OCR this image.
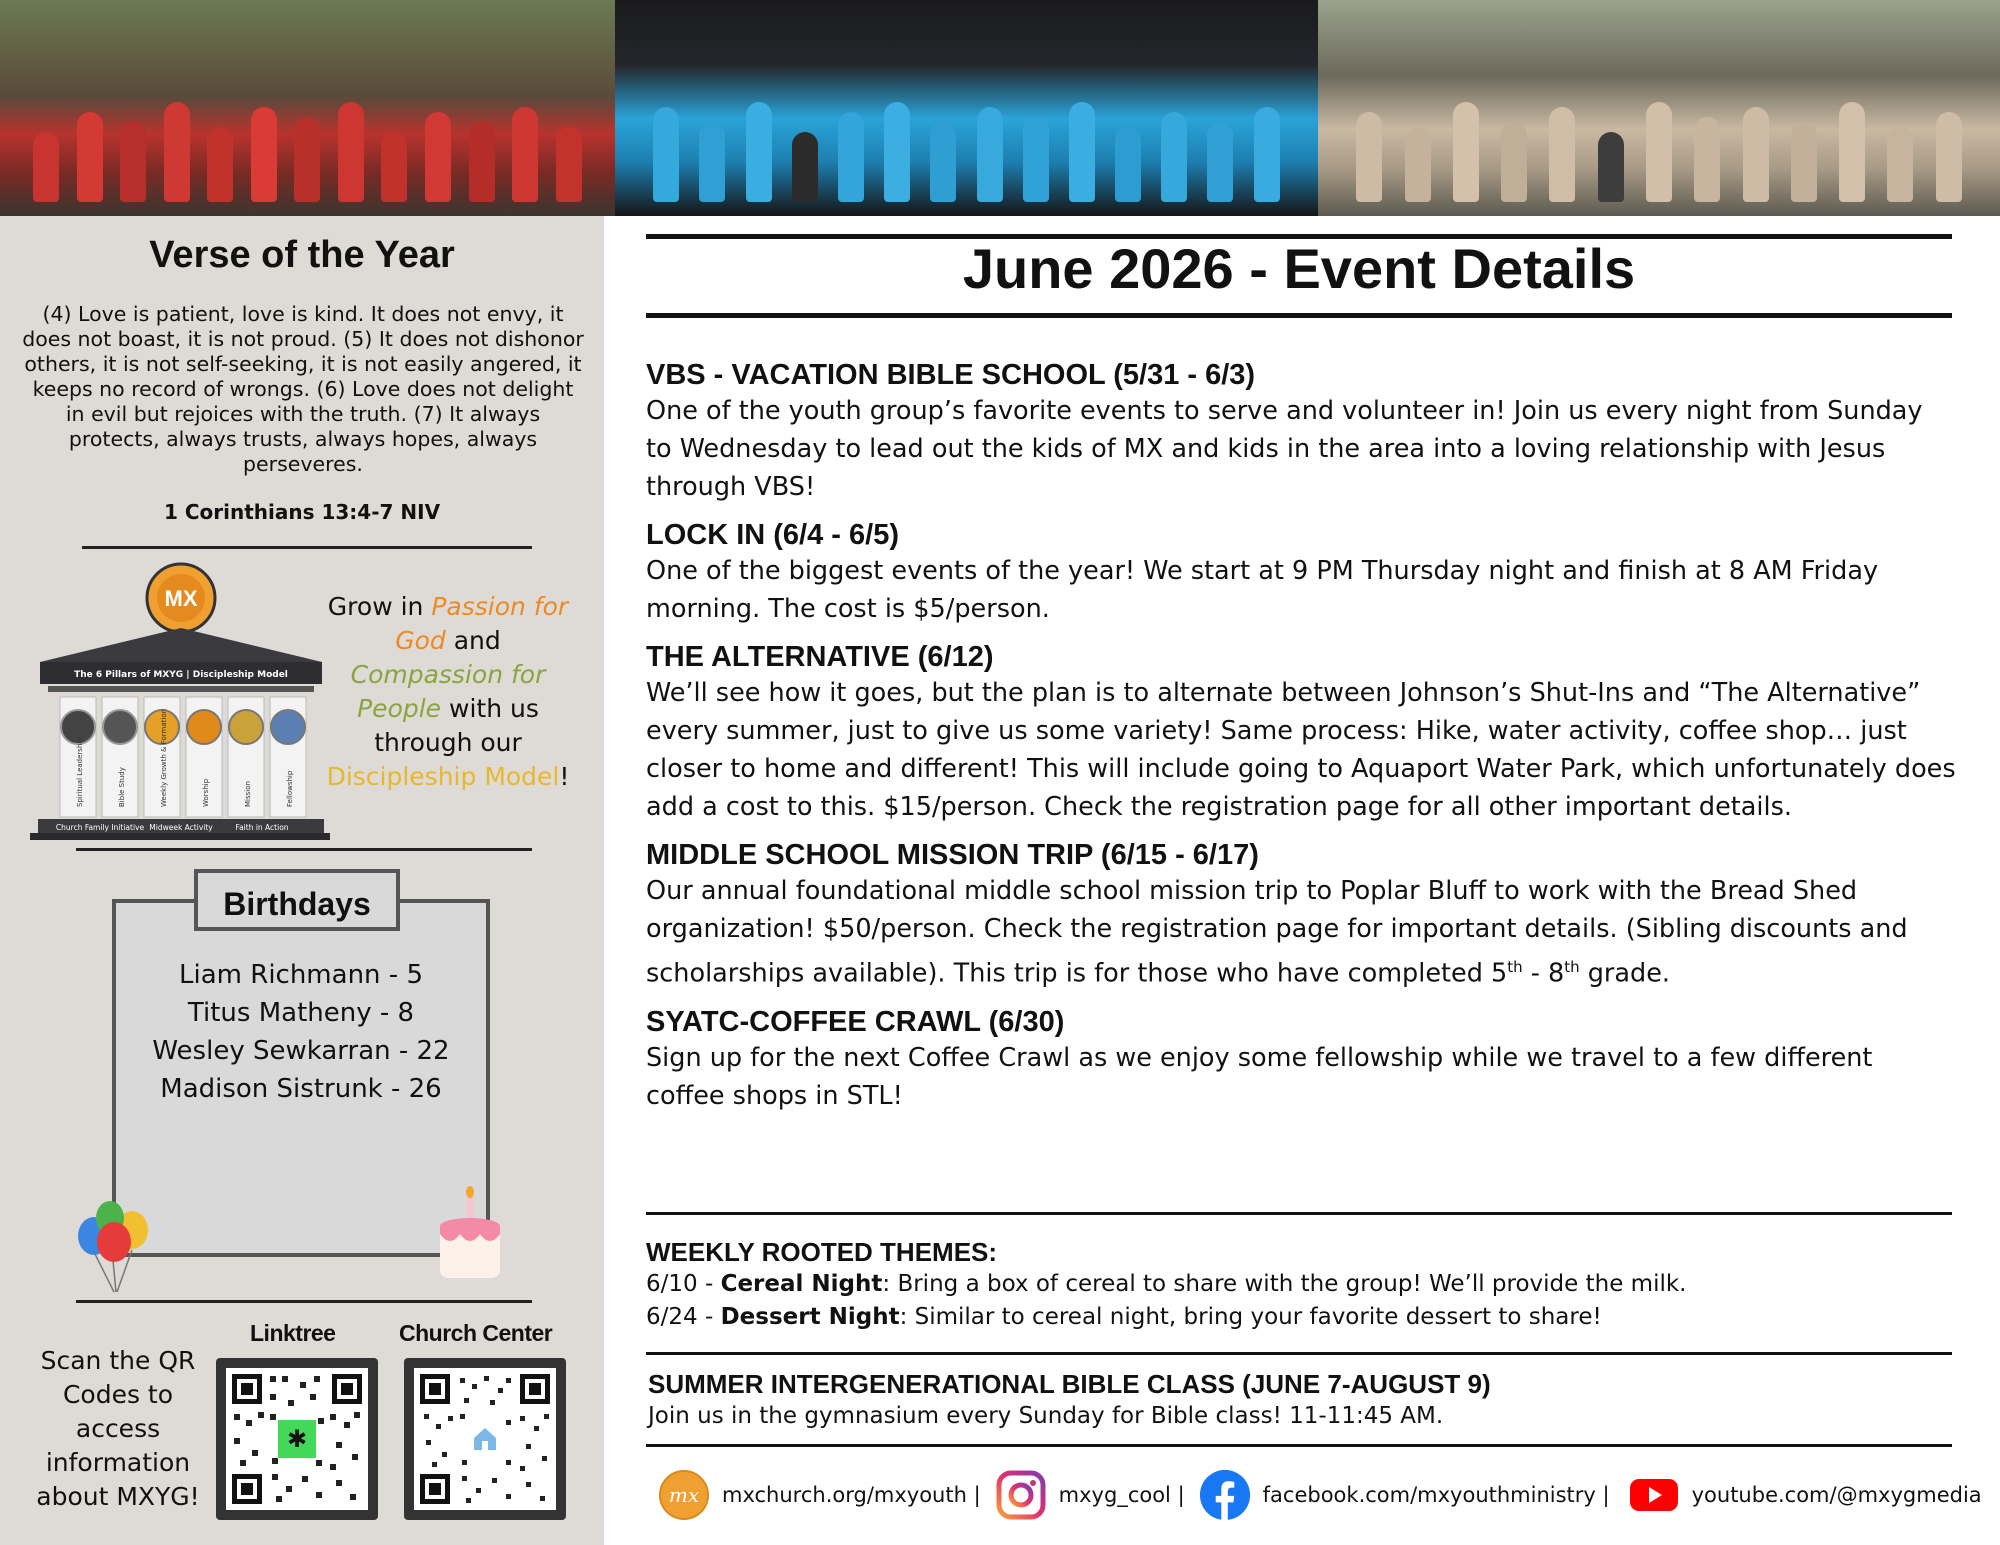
Verse of the Year
(4) Love is patient, love is kind. It does not envy, it does not boast, it is not proud. (5) It does not dishonor others, it is not self-seeking, it is not easily angered, it keeps no record of wrongs. (6) Love does not delight in evil but rejoices with the truth. (7) It always protects, always trusts, always hopes, always perseveres.
1 Corinthians 13:4-7 NIV
MX
The 6 Pillars of MXYG | Discipleship Model
Spiritual Leadership	Bible Study	Weekly Growth & Formation	Worship	Mission	Fellowship
Church Family Initiative Midweek Activity	Faith in Action
Grow in Passion for God and Compassion for People with us through our Discipleship Model!
Birthdays
Liam Richmann - 5
Titus Matheny - 8
Wesley Sewkarran - 22
Madison Sistrunk - 26
Scan the QR Codes to access information about MXYG!
Linktree
✱
Church Center
June 2026 - Event Details
VBS - VACATION BIBLE SCHOOL (5/31 - 6/3)

One of the youth group’s favorite events to serve and volunteer in! Join us every night from Sunday to Wednesday to lead out the kids of MX and kids in the area into a loving relationship with Jesus through VBS!

LOCK IN (6/4 - 6/5)

One of the biggest events of the year! We start at 9 PM Thursday night and finish at 8 AM Friday morning. The cost is $5/person.

THE ALTERNATIVE (6/12)

We’ll see how it goes, but the plan is to alternate between Johnson’s Shut-Ins and “The Alternative” every summer, just to give us some variety! Same process: Hike, water activity, coffee shop… just closer to home and different! This will include going to Aquaport Water Park, which unfortunately does add a cost to this. $15/person. Check the registration page for all other important details.

MIDDLE SCHOOL MISSION TRIP (6/15 - 6/17)

Our annual foundational middle school mission trip to Poplar Bluff to work with the Bread Shed organization! $50/person. Check the registration page for important details. (Sibling discounts and scholarships available). This trip is for those who have completed 5th - 8th grade.

SYATC-COFFEE CRAWL (6/30)

Sign up for the next Coffee Crawl as we enjoy some fellowship while we travel to a few different coffee shops in STL!

WEEKLY ROOTED THEMES:
6/10 - Cereal Night: Bring a box of cereal to share with the group! We’ll provide the milk.
6/24 - Dessert Night: Similar to cereal night, bring your favorite dessert to share!
SUMMER INTERGENERATIONAL BIBLE CLASS (JUNE 7-AUGUST 9)
Join us in the gymnasium every Sunday for Bible class! 11-11:45 AM.
mx mxchurch.org/mxyouth |	mxyg_cool |	facebook.com/mxyouthministry |	youtube.com/@mxygmedia
